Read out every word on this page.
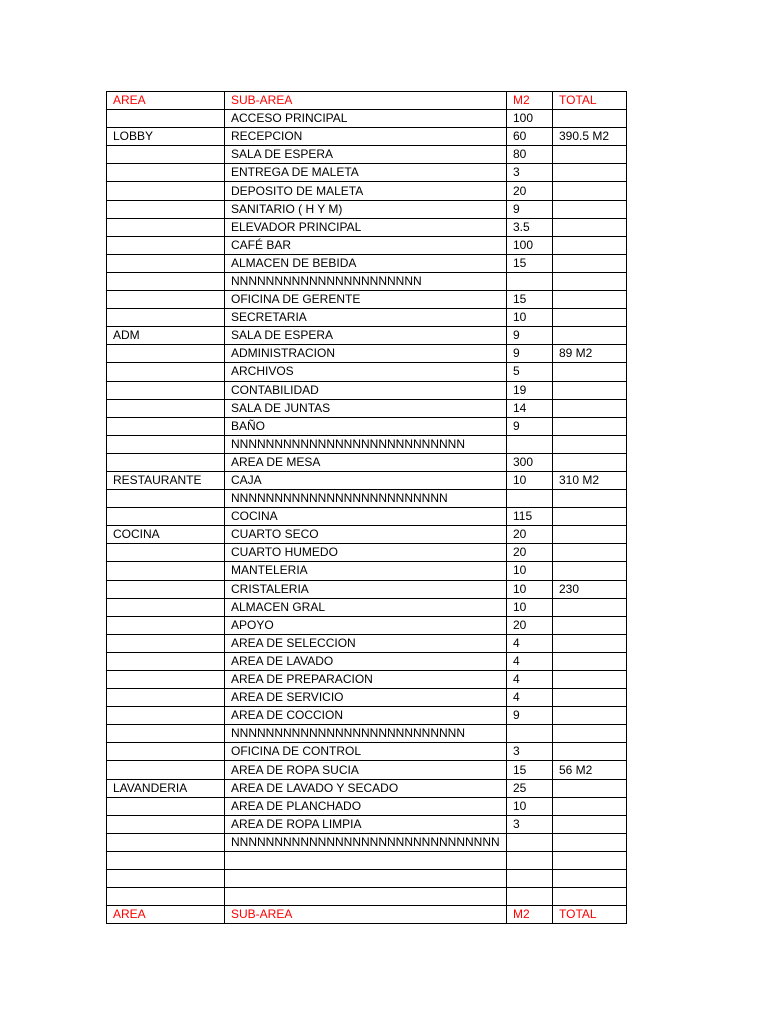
AREA	SUB-AREA	M2	TOTAL
	ACCESO PRINCIPAL	100	
LOBBY	RECEPCION	60	390.5 M2
	SALA DE ESPERA	80	
	ENTREGA DE MALETA	3	
	DEPOSITO DE MALETA	20	
	SANITARIO ( H Y M)	9	
	ELEVADOR PRINCIPAL	3.5	
	CAFÉ BAR	100	
	ALMACEN DE BEBIDA	15	
	NNNNNNNNNNNNNNNNNNNNNN		
	OFICINA DE GERENTE	15	
	SECRETARIA	10	
ADM	SALA DE ESPERA	9	
	ADMINISTRACION	9	89 M2
	ARCHIVOS	5	
	CONTABILIDAD	19	
	SALA DE JUNTAS	14	
	BAÑO	9	
	NNNNNNNNNNNNNNNNNNNNNNNNNNN		
	AREA DE MESA	300	
RESTAURANTE	CAJA	10	310 M2
	NNNNNNNNNNNNNNNNNNNNNNNNN		
	COCINA	115	
COCINA	CUARTO SECO	20	
	CUARTO HUMEDO	20	
	MANTELERIA	10	
	CRISTALERIA	10	230
	ALMACEN GRAL	10	
	APOYO	20	
	AREA DE SELECCION	4	
	AREA DE LAVADO	4	
	AREA DE PREPARACION	4	
	AREA DE SERVICIO	4	
	AREA DE COCCION	9	
	NNNNNNNNNNNNNNNNNNNNNNNNNNN		
	OFICINA DE CONTROL	3	
	AREA DE ROPA SUCIA	15	56 M2
LAVANDERIA	AREA DE LAVADO Y SECADO	25	
	AREA DE PLANCHADO	10	
	AREA DE ROPA LIMPIA	3	
	NNNNNNNNNNNNNNNNNNNNNNNNNNNNNNN		

AREA	SUB-AREA	M2	TOTAL
